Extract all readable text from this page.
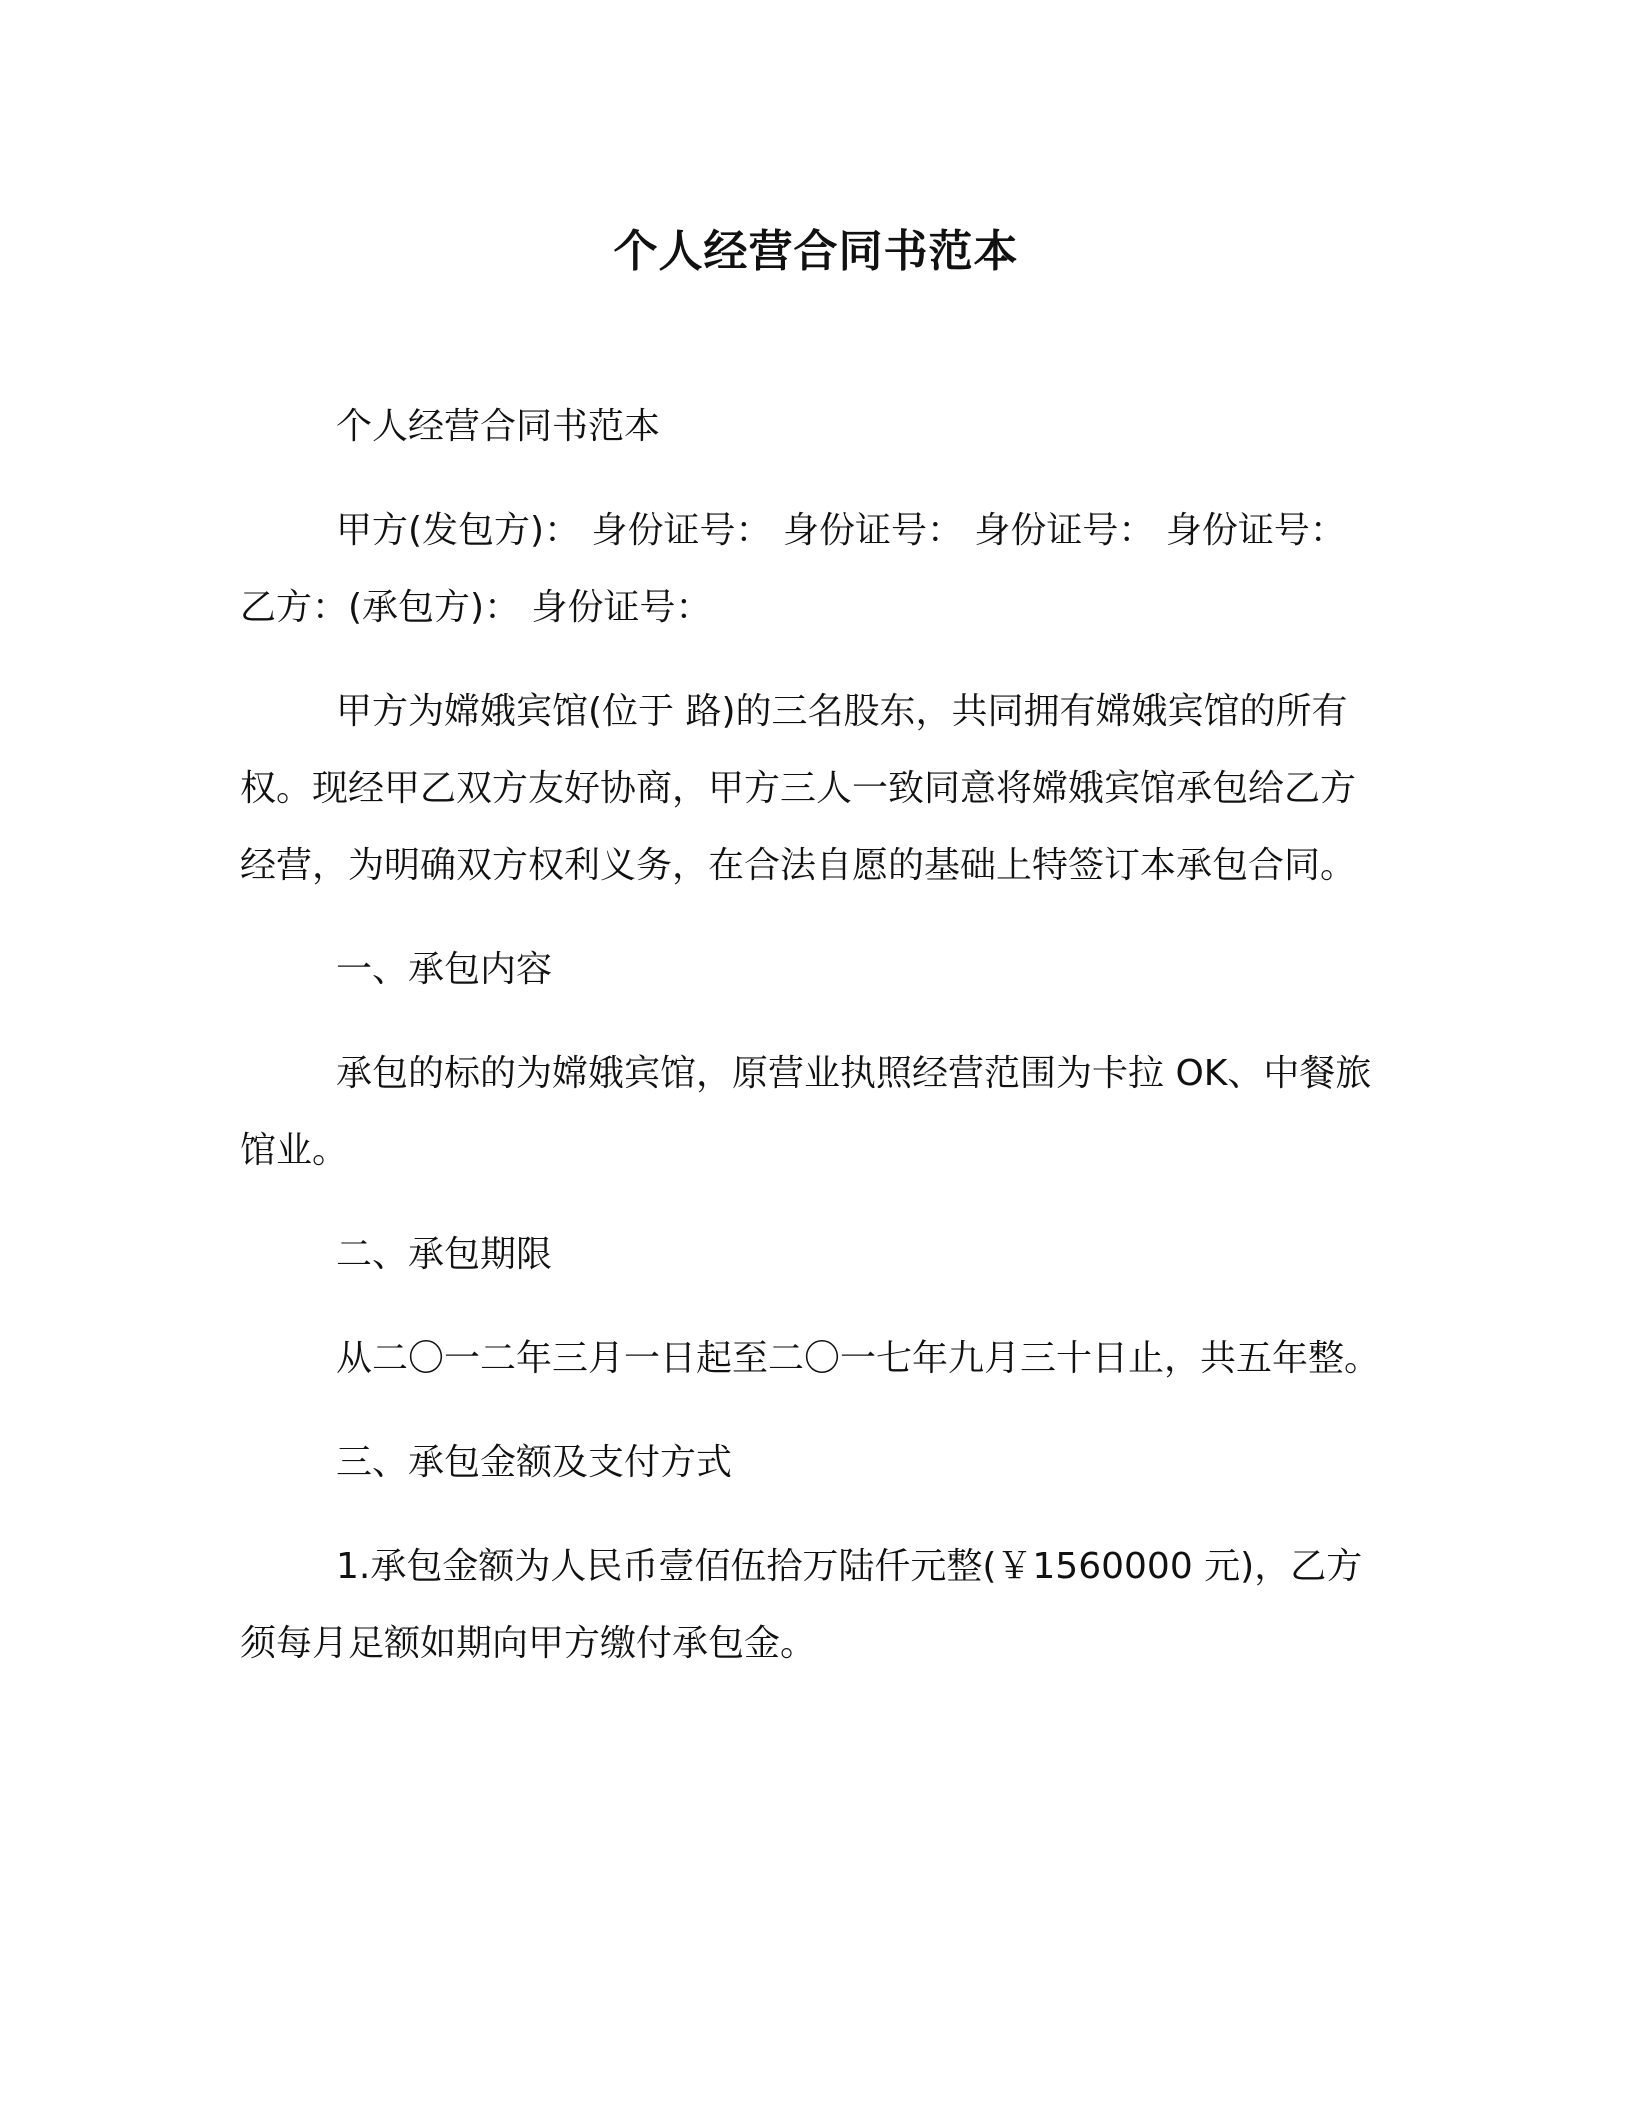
个人经营合同书范本

个人经营合同书范本

甲方(发包方)： 身份证号： 身份证号： 身份证号： 身份证号：

乙方：(承包方)： 身份证号：

甲方为嫦娥宾馆(位于 路)的三名股东，共同拥有嫦娥宾馆的所有权。现经甲乙双方友好协商，甲方三人一致同意将嫦娥宾馆承包给乙方经营，为明确双方权利义务，在合法自愿的基础上特签订本承包合同。

一、承包内容

承包的标的为嫦娥宾馆，原营业执照经营范围为卡拉 OK、中餐旅馆业。

二、承包期限

从二〇一二年三月一日起至二〇一七年九月三十日止，共五年整。

三、承包金额及支付方式

1.承包金额为人民币壹佰伍拾万陆仟元整(￥1560000 元)，乙方须每月足额如期向甲方缴付承包金。
